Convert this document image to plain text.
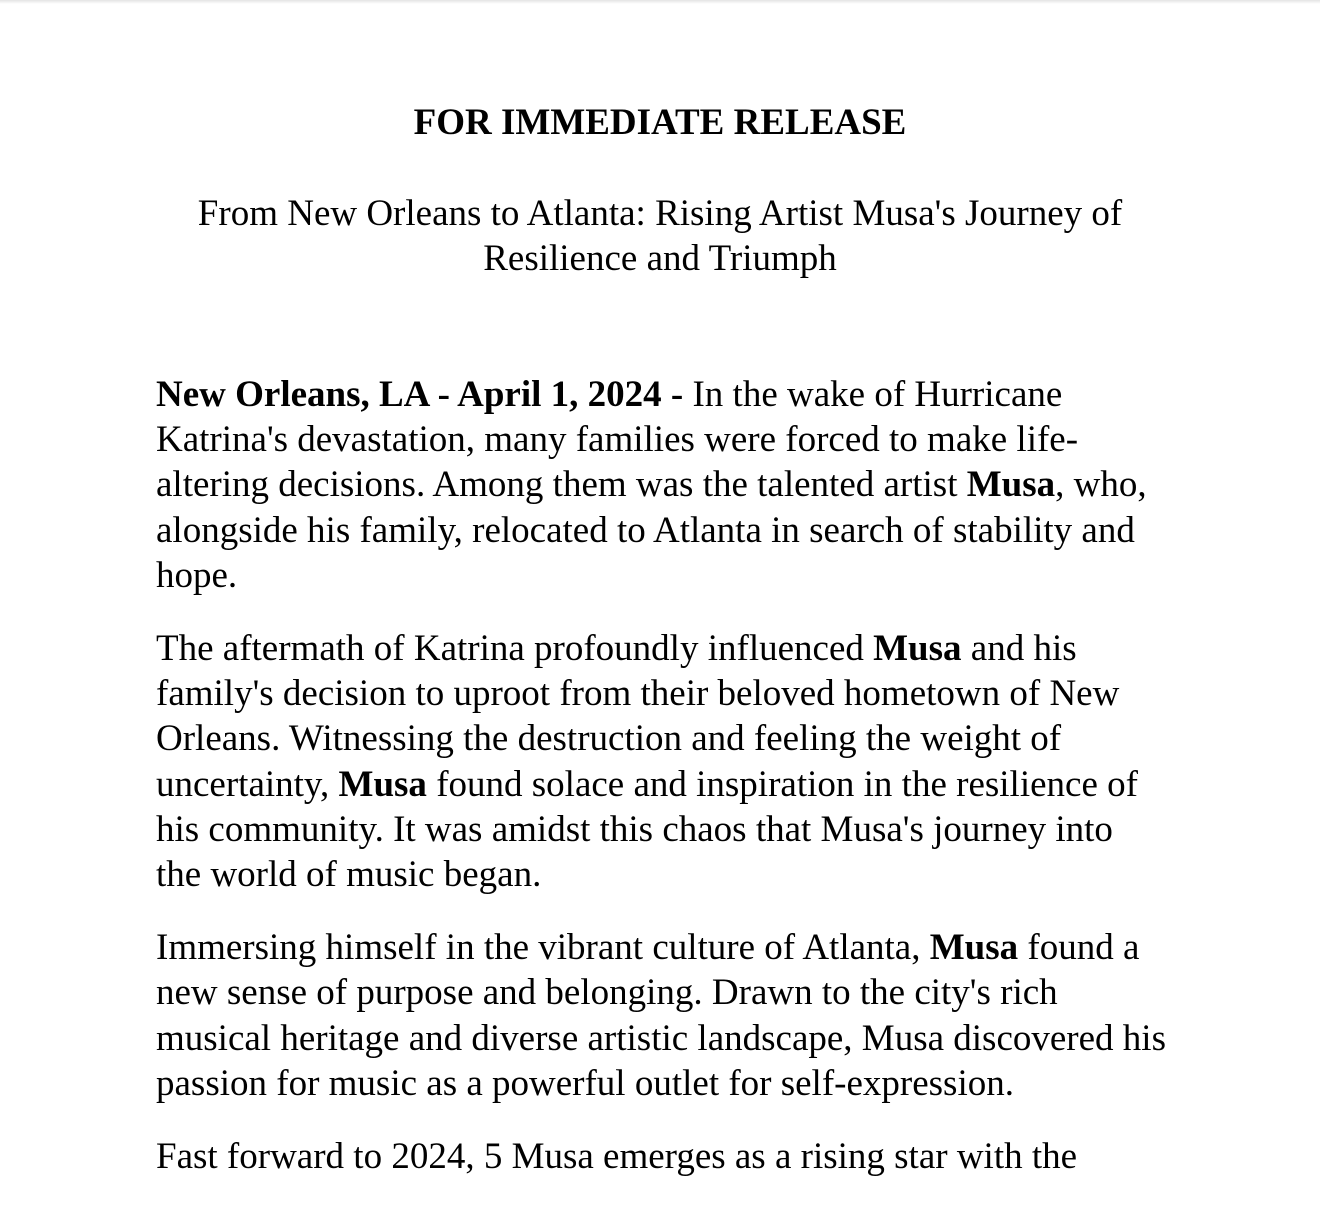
FOR IMMEDIATE RELEASE
From New Orleans to Atlanta: Rising Artist Musa's Journey of Resilience and Triumph

New Orleans, LA - April 1, 2024 - In the wake of Hurricane Katrina's devastation, many families were forced to make life-altering decisions. Among them was the talented artist Musa, who, alongside his family, relocated to Atlanta in search of stability and hope.

The aftermath of Katrina profoundly influenced Musa and his family's decision to uproot from their beloved hometown of New Orleans. Witnessing the destruction and feeling the weight of uncertainty, Musa found solace and inspiration in the resilience of his community. It was amidst this chaos that Musa's journey into the world of music began.

Immersing himself in the vibrant culture of Atlanta, Musa found a new sense of purpose and belonging. Drawn to the city's rich musical heritage and diverse artistic landscape, Musa discovered his passion for music as a powerful outlet for self-expression.

Fast forward to 2024, 5 Musa emerges as a rising star with the
